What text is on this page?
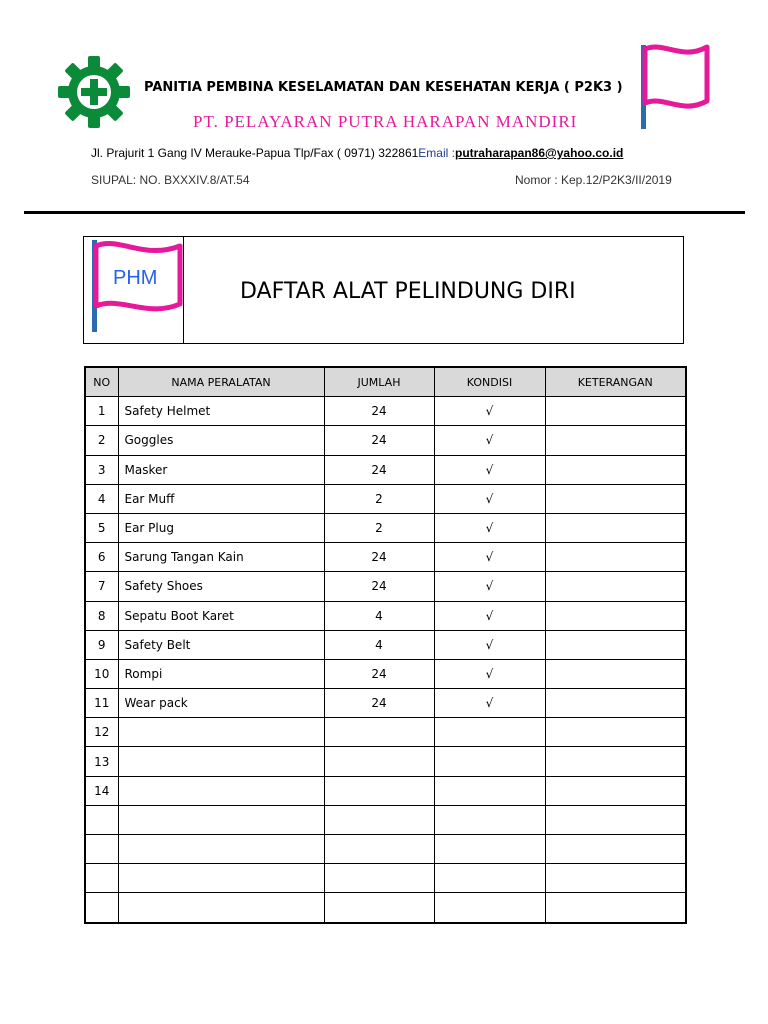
PANITIA PEMBINA KESELAMATAN DAN KESEHATAN KERJA ( P2K3 )
PT. PELAYARAN PUTRA HARAPAN MANDIRI
Jl. Prajurit 1 Gang IV Merauke-Papua Tlp/Fax ( 0971) 322861Email :putraharapan86@yahoo.co.id
SIUPAL: NO. BXXXIV.8/AT.54	Nomor : Kep.12/P2K3/II/2019
PHM
DAFTAR ALAT PELINDUNG DIRI
NO	NAMA PERALATAN	JUMLAH	KONDISI	KETERANGAN
1	Safety Helmet	24	√	
2	Goggles	24	√	
3	Masker	24	√	
4	Ear Muff	2	√	
5	Ear Plug	2	√	
6	Sarung Tangan Kain	24	√	
7	Safety Shoes	24	√	
8	Sepatu Boot Karet	4	√	
9	Safety Belt	4	√	
10	Rompi	24	√	
11	Wear pack	24	√	
12				
13				
14				
